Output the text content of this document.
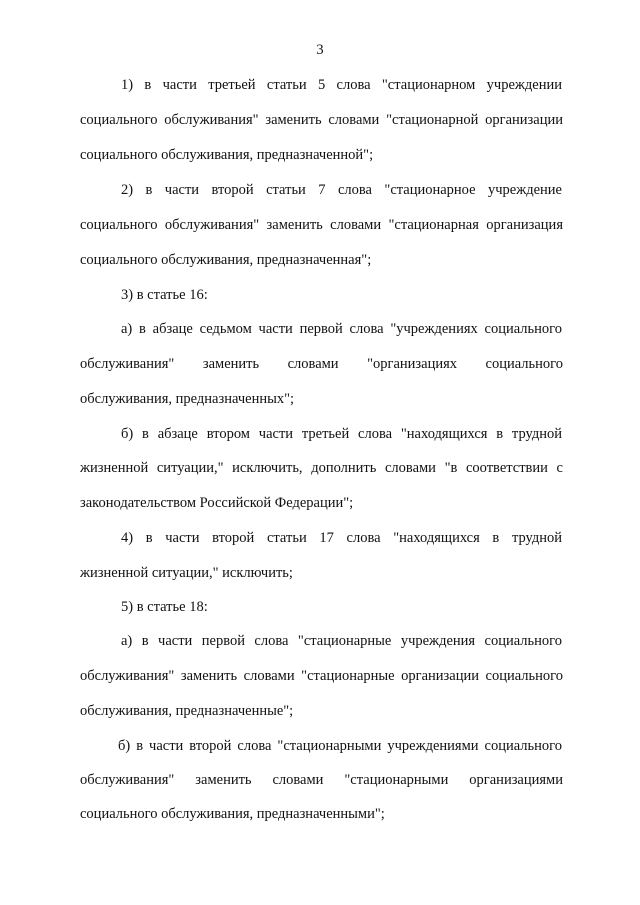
3
1) в части третьей статьи 5 слова "стационарном учреждении
социального обслуживания" заменить словами "стационарной организации
социального обслуживания, предназначенной";
2) в части второй статьи 7 слова "стационарное учреждение
социального обслуживания" заменить словами "стационарная организация
социального обслуживания, предназначенная";
3) в статье 16:
а) в абзаце седьмом части первой слова "учреждениях социального
обслуживания" заменить словами "организациях социального
обслуживания, предназначенных";
б) в абзаце втором части третьей слова "находящихся в трудной
жизненной ситуации," исключить, дополнить словами "в соответствии с
законодательством Российской Федерации";
4) в части второй статьи 17 слова "находящихся в трудной
жизненной ситуации," исключить;
5) в статье 18:
а) в части первой слова "стационарные учреждения социального
обслуживания" заменить словами "стационарные организации социального
обслуживания, предназначенные";
б) в части второй слова "стационарными учреждениями социального
обслуживания" заменить словами "стационарными организациями
социального обслуживания, предназначенными";
